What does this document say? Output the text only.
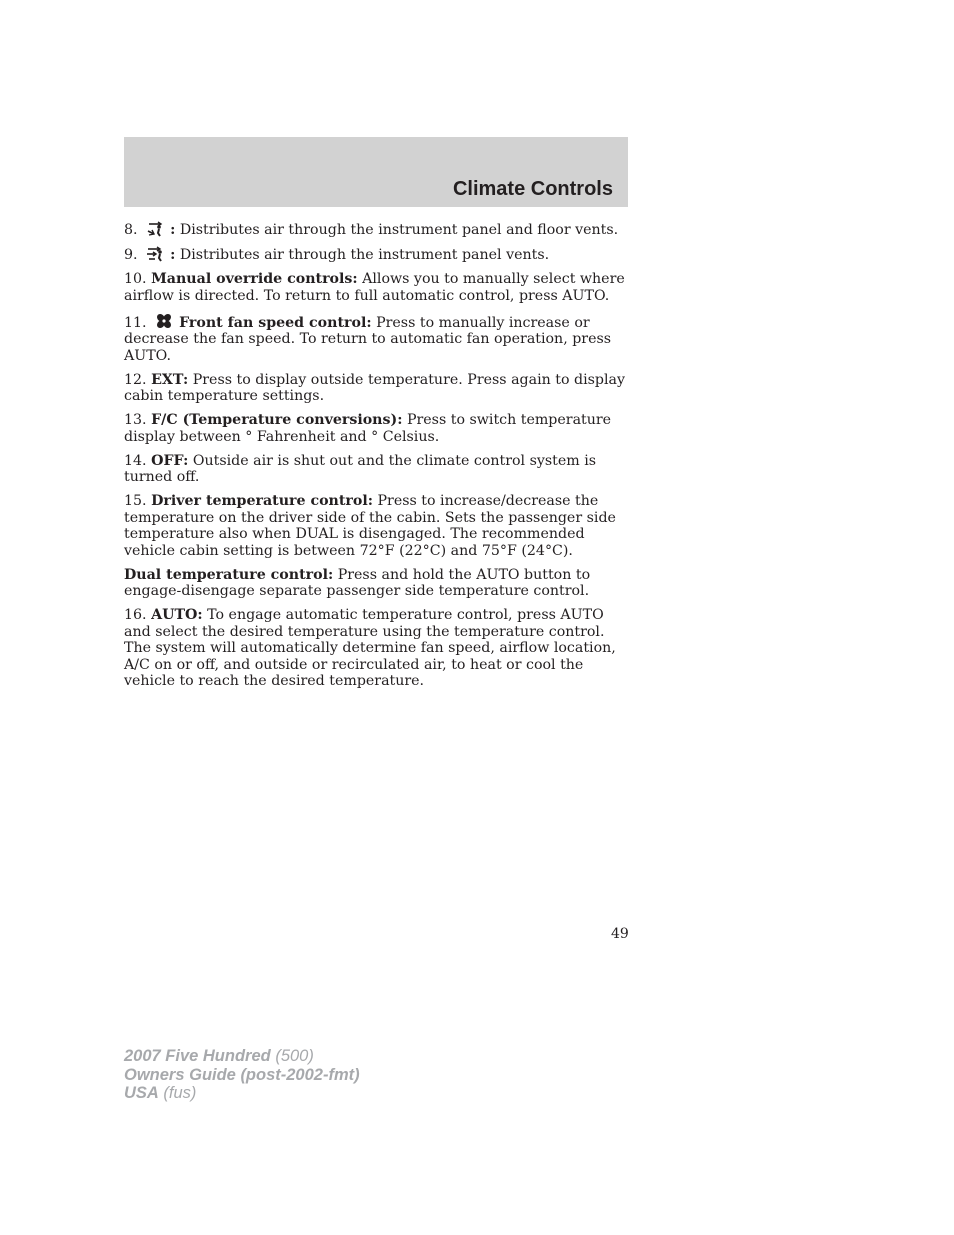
Climate Controls

8. : Distributes air through the instrument panel and floor vents.

9. : Distributes air through the instrument panel vents.

10. Manual override controls: Allows you to manually select where airflow is directed. To return to full automatic control, press AUTO.

11. Front fan speed control: Press to manually increase or decrease the fan speed. To return to automatic fan operation, press AUTO.

12. EXT: Press to display outside temperature. Press again to display cabin temperature settings.

13. F/C (Temperature conversions): Press to switch temperature display between ° Fahrenheit and ° Celsius.

14. OFF: Outside air is shut out and the climate control system is turned off.

15. Driver temperature control: Press to increase/decrease the temperature on the driver side of the cabin. Sets the passenger side temperature also when DUAL is disengaged. The recommended vehicle cabin setting is between 72°F (22°C) and 75°F (24°C).

Dual temperature control: Press and hold the AUTO button to engage-disengage separate passenger side temperature control.

16. AUTO: To engage automatic temperature control, press AUTO and select the desired temperature using the temperature control. The system will automatically determine fan speed, airflow location, A/C on or off, and outside or recirculated air, to heat or cool the vehicle to reach the desired temperature.

49
2007 Five Hundred (500)
Owners Guide (post-2002-fmt)
USA (fus)
